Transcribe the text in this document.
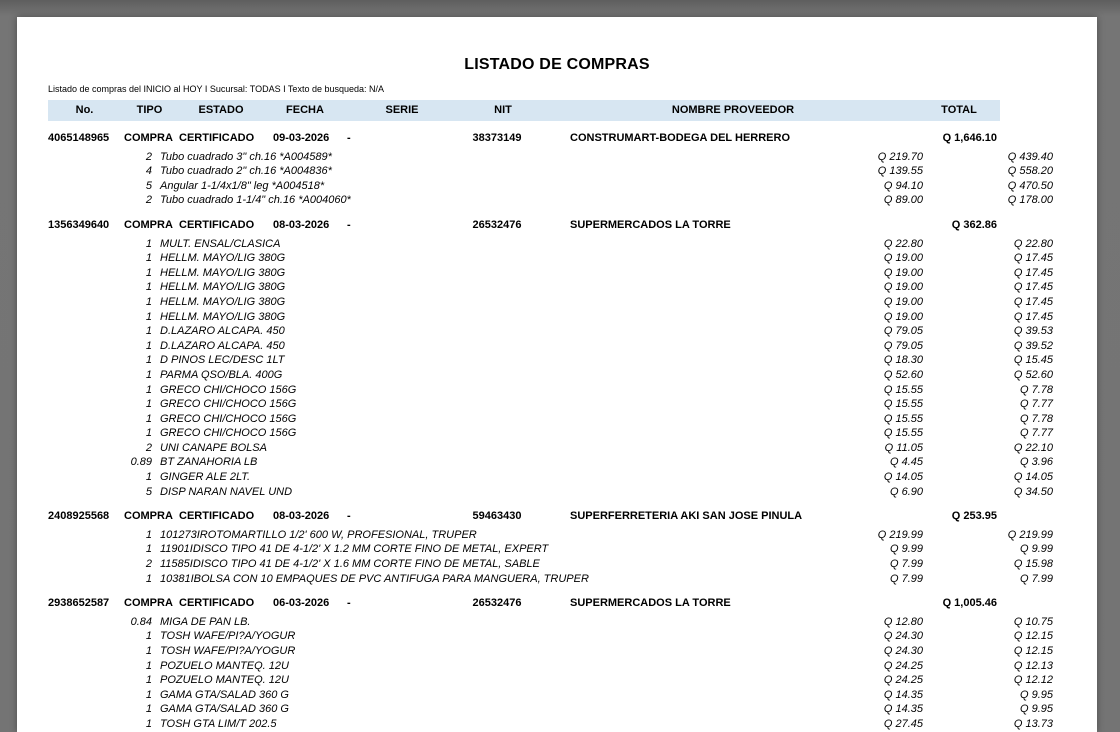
LISTADO DE COMPRAS
Listado de compras del INICIO al HOY I Sucursal: TODAS I Texto de busqueda: N/A
No.	TIPO	ESTADO	FECHA	SERIE	NIT	NOMBRE PROVEEDOR	TOTAL
4065148965	COMPRA CERTIFICADO	09-03-2026	-	38373149	CONSTRUMART-BODEGA DEL HERRERO	Q 1,646.10
2 Tubo cuadrado 3" ch.16 *A004589*	Q 219.70	Q 439.40
4 Tubo cuadrado 2" ch.16 *A004836*	Q 139.55	Q 558.20
5 Angular 1-1/4x1/8" leg *A004518*	Q 94.10	Q 470.50
2 Tubo cuadrado 1-1/4" ch.16 *A004060*	Q 89.00	Q 178.00
1356349640	COMPRA CERTIFICADO	08-03-2026	-	26532476	SUPERMERCADOS LA TORRE	Q 362.86
1 MULT. ENSAL/CLASICA	Q 22.80	Q 22.80
1 HELLM. MAYO/LIG 380G	Q 19.00	Q 17.45
1 HELLM. MAYO/LIG 380G	Q 19.00	Q 17.45
1 HELLM. MAYO/LIG 380G	Q 19.00	Q 17.45
1 HELLM. MAYO/LIG 380G	Q 19.00	Q 17.45
1 HELLM. MAYO/LIG 380G	Q 19.00	Q 17.45
1 D.LAZARO ALCAPA. 450	Q 79.05	Q 39.53
1 D.LAZARO ALCAPA. 450	Q 79.05	Q 39.52
1 D PINOS LEC/DESC 1LT	Q 18.30	Q 15.45
1 PARMA QSO/BLA. 400G	Q 52.60	Q 52.60
1 GRECO CHI/CHOCO 156G	Q 15.55	Q 7.78
1 GRECO CHI/CHOCO 156G	Q 15.55	Q 7.77
1 GRECO CHI/CHOCO 156G	Q 15.55	Q 7.78
1 GRECO CHI/CHOCO 156G	Q 15.55	Q 7.77
2 UNI CANAPE BOLSA	Q 11.05	Q 22.10
0.89 BT ZANAHORIA LB	Q 4.45	Q 3.96
1 GINGER ALE 2LT.	Q 14.05	Q 14.05
5 DISP NARAN NAVEL UND	Q 6.90	Q 34.50
2408925568	COMPRA CERTIFICADO	08-03-2026	-	59463430	SUPERFERRETERIA AKI SAN JOSE PINULA	Q 253.95
1 101273IROTOMARTILLO 1/2' 600 W, PROFESIONAL, TRUPER	Q 219.99	Q 219.99
1 11901IDISCO TIPO 41 DE 4-1/2' X 1.2 MM CORTE FINO DE METAL, EXPERT	Q 9.99	Q 9.99
2 11585IDISCO TIPO 41 DE 4-1/2' X 1.6 MM CORTE FINO DE METAL, SABLE	Q 7.99	Q 15.98
1 10381IBOLSA CON 10 EMPAQUES DE PVC ANTIFUGA PARA MANGUERA, TRUPER	Q 7.99	Q 7.99
2938652587	COMPRA CERTIFICADO	06-03-2026	-	26532476	SUPERMERCADOS LA TORRE	Q 1,005.46
0.84 MIGA DE PAN LB.	Q 12.80	Q 10.75
1 TOSH WAFE/PI?A/YOGUR	Q 24.30	Q 12.15
1 TOSH WAFE/PI?A/YOGUR	Q 24.30	Q 12.15
1 POZUELO MANTEQ. 12U	Q 24.25	Q 12.13
1 POZUELO MANTEQ. 12U	Q 24.25	Q 12.12
1 GAMA GTA/SALAD 360 G	Q 14.35	Q 9.95
1 GAMA GTA/SALAD 360 G	Q 14.35	Q 9.95
1 TOSH GTA LIM/T 202.5	Q 27.45	Q 13.73
